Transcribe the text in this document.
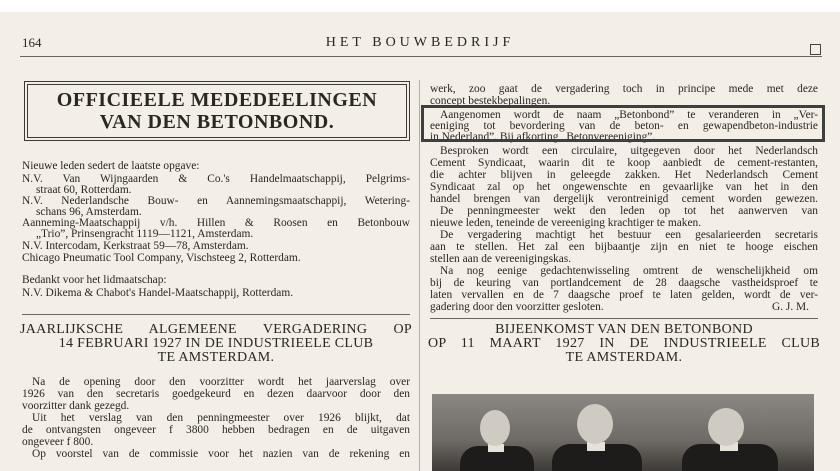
164	HET BOUWBEDRIJF
OFFICIEELE MEDEDEELINGEN
VAN DEN BETONBOND.
Nieuwe leden sedert de laatste opgave:
N.V. Van Wijngaarden & Co.'s Handelmaatschappij, Pelgrims-
straat 60, Rotterdam.
N.V. Nederlandsche Bouw- en Aannemingsmaatschappij, Wetering-
schans 96, Amsterdam.
Aanneming-Maatschappij v/h. Hillen & Roosen en Betonbouw
„Trio”, Prinsengracht 1119—1121, Amsterdam.
N.V. Intercodam, Kerkstraat 59—78, Amsterdam.
Chicago Pneumatic Tool Company, Vischsteeg 2, Rotterdam.
Bedankt voor het lidmaatschap:
N.V. Dikema & Chabot's Handel-Maatschappij, Rotterdam.
JAARLIJKSCHE ALGEMEENE VERGADERING OP
14 FEBRUARI 1927 IN DE INDUSTRIEELE CLUB
TE AMSTERDAM.
Na de opening door den voorzitter wordt het jaarverslag over
1926 van den secretaris goedgekeurd en dezen daarvoor door den
voorzitter dank gezegd.
Uit het verslag van den penningmeester over 1926 blijkt, dat
de ontvangsten ongeveer f 3800 hebben bedragen en de uitgaven
ongeveer f 800.
Op voorstel van de commissie voor het nazien van de rekening en
werk, zoo gaat de vergadering toch in principe mede met deze
concept bestekbepalingen.
Aangenomen wordt de naam „Betonbond” te veranderen in „Ver-
eeniging tot bevordering van de beton- en gewapendbeton-industrie
in Nederland”. Bij afkorting „Betonvereeniging”.
Besproken wordt een circulaire, uitgegeven door het Nederlandsch
Cement Syndicaat, waarin dit te koop aanbiedt de cement-restanten,
die achter blijven in geleegde zakken. Het Nederlandsch Cement
Syndicaat zal op het ongewenschte en gevaarlijke van het in den
handel brengen van dergelijk verontreinigd cement worden gewezen.
De penningmeester wekt den leden op tot het aanwerven van
nieuwe leden, teneinde de vereeniging krachtiger te maken.
De vergadering machtigt het bestuur een gesalarieerden secretaris
aan te stellen. Het zal een bijbaantje zijn en niet te hooge eischen
stellen aan de vereenigingskas.
Na nog eenige gedachtenwisseling omtrent de wenschelijkheid om
bij de keuring van portlandcement de 28 daagsche vastheidsproef te
laten vervallen en de 7 daagsche proef te laten gelden, wordt de ver-
gadering door den voorzitter gesloten.	G. J. M.
BIJEENKOMST VAN DEN BETONBOND
OP 11 MAART 1927 IN DE INDUSTRIEELE CLUB
TE AMSTERDAM.
